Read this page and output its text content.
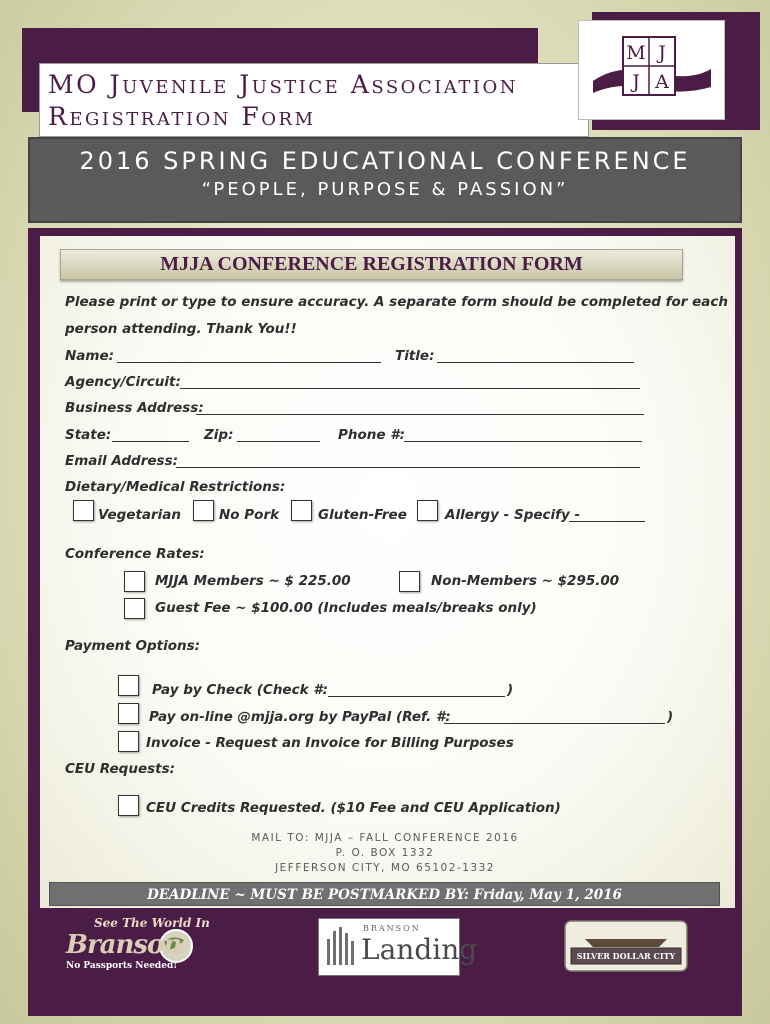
MO Juvenile Justice Association
Registration Form
M J
J A
2016 SPRING EDUCATIONAL CONFERENCE
“PEOPLE, PURPOSE & PASSION”
MJJA CONFERENCE REGISTRATION FORM
Please print or type to ensure accuracy. A separate form should be completed for each
person attending. Thank You!!
Name:	Title:
Agency/Circuit:
Business Address:
State:	Zip:	Phone #:
Email Address:
Dietary/Medical Restrictions:
Vegetarian	No Pork	Gluten-Free	Allergy - Specify -
Conference Rates:
MJJA Members ~ $ 225.00	Non-Members ~ $295.00
Guest Fee ~ $100.00 (Includes meals/breaks only)
Payment Options:
Pay by Check (Check #:	)
Pay on-line @mjja.org by PayPal (Ref. #:	)
Invoice - Request an Invoice for Billing Purposes
CEU Requests:
CEU Credits Requested. ($10 Fee and CEU Application)
MAIL TO: MJJA – FALL CONFERENCE 2016
P. O. BOX 1332
JEFFERSON CITY, MO 65102-1332
DEADLINE ~ MUST BE POSTMARKED BY: Friday, May 1, 2016
See The World In
Branson
No Passports Needed!
BRANSON
Landing	SILVER DOLLAR CITY
